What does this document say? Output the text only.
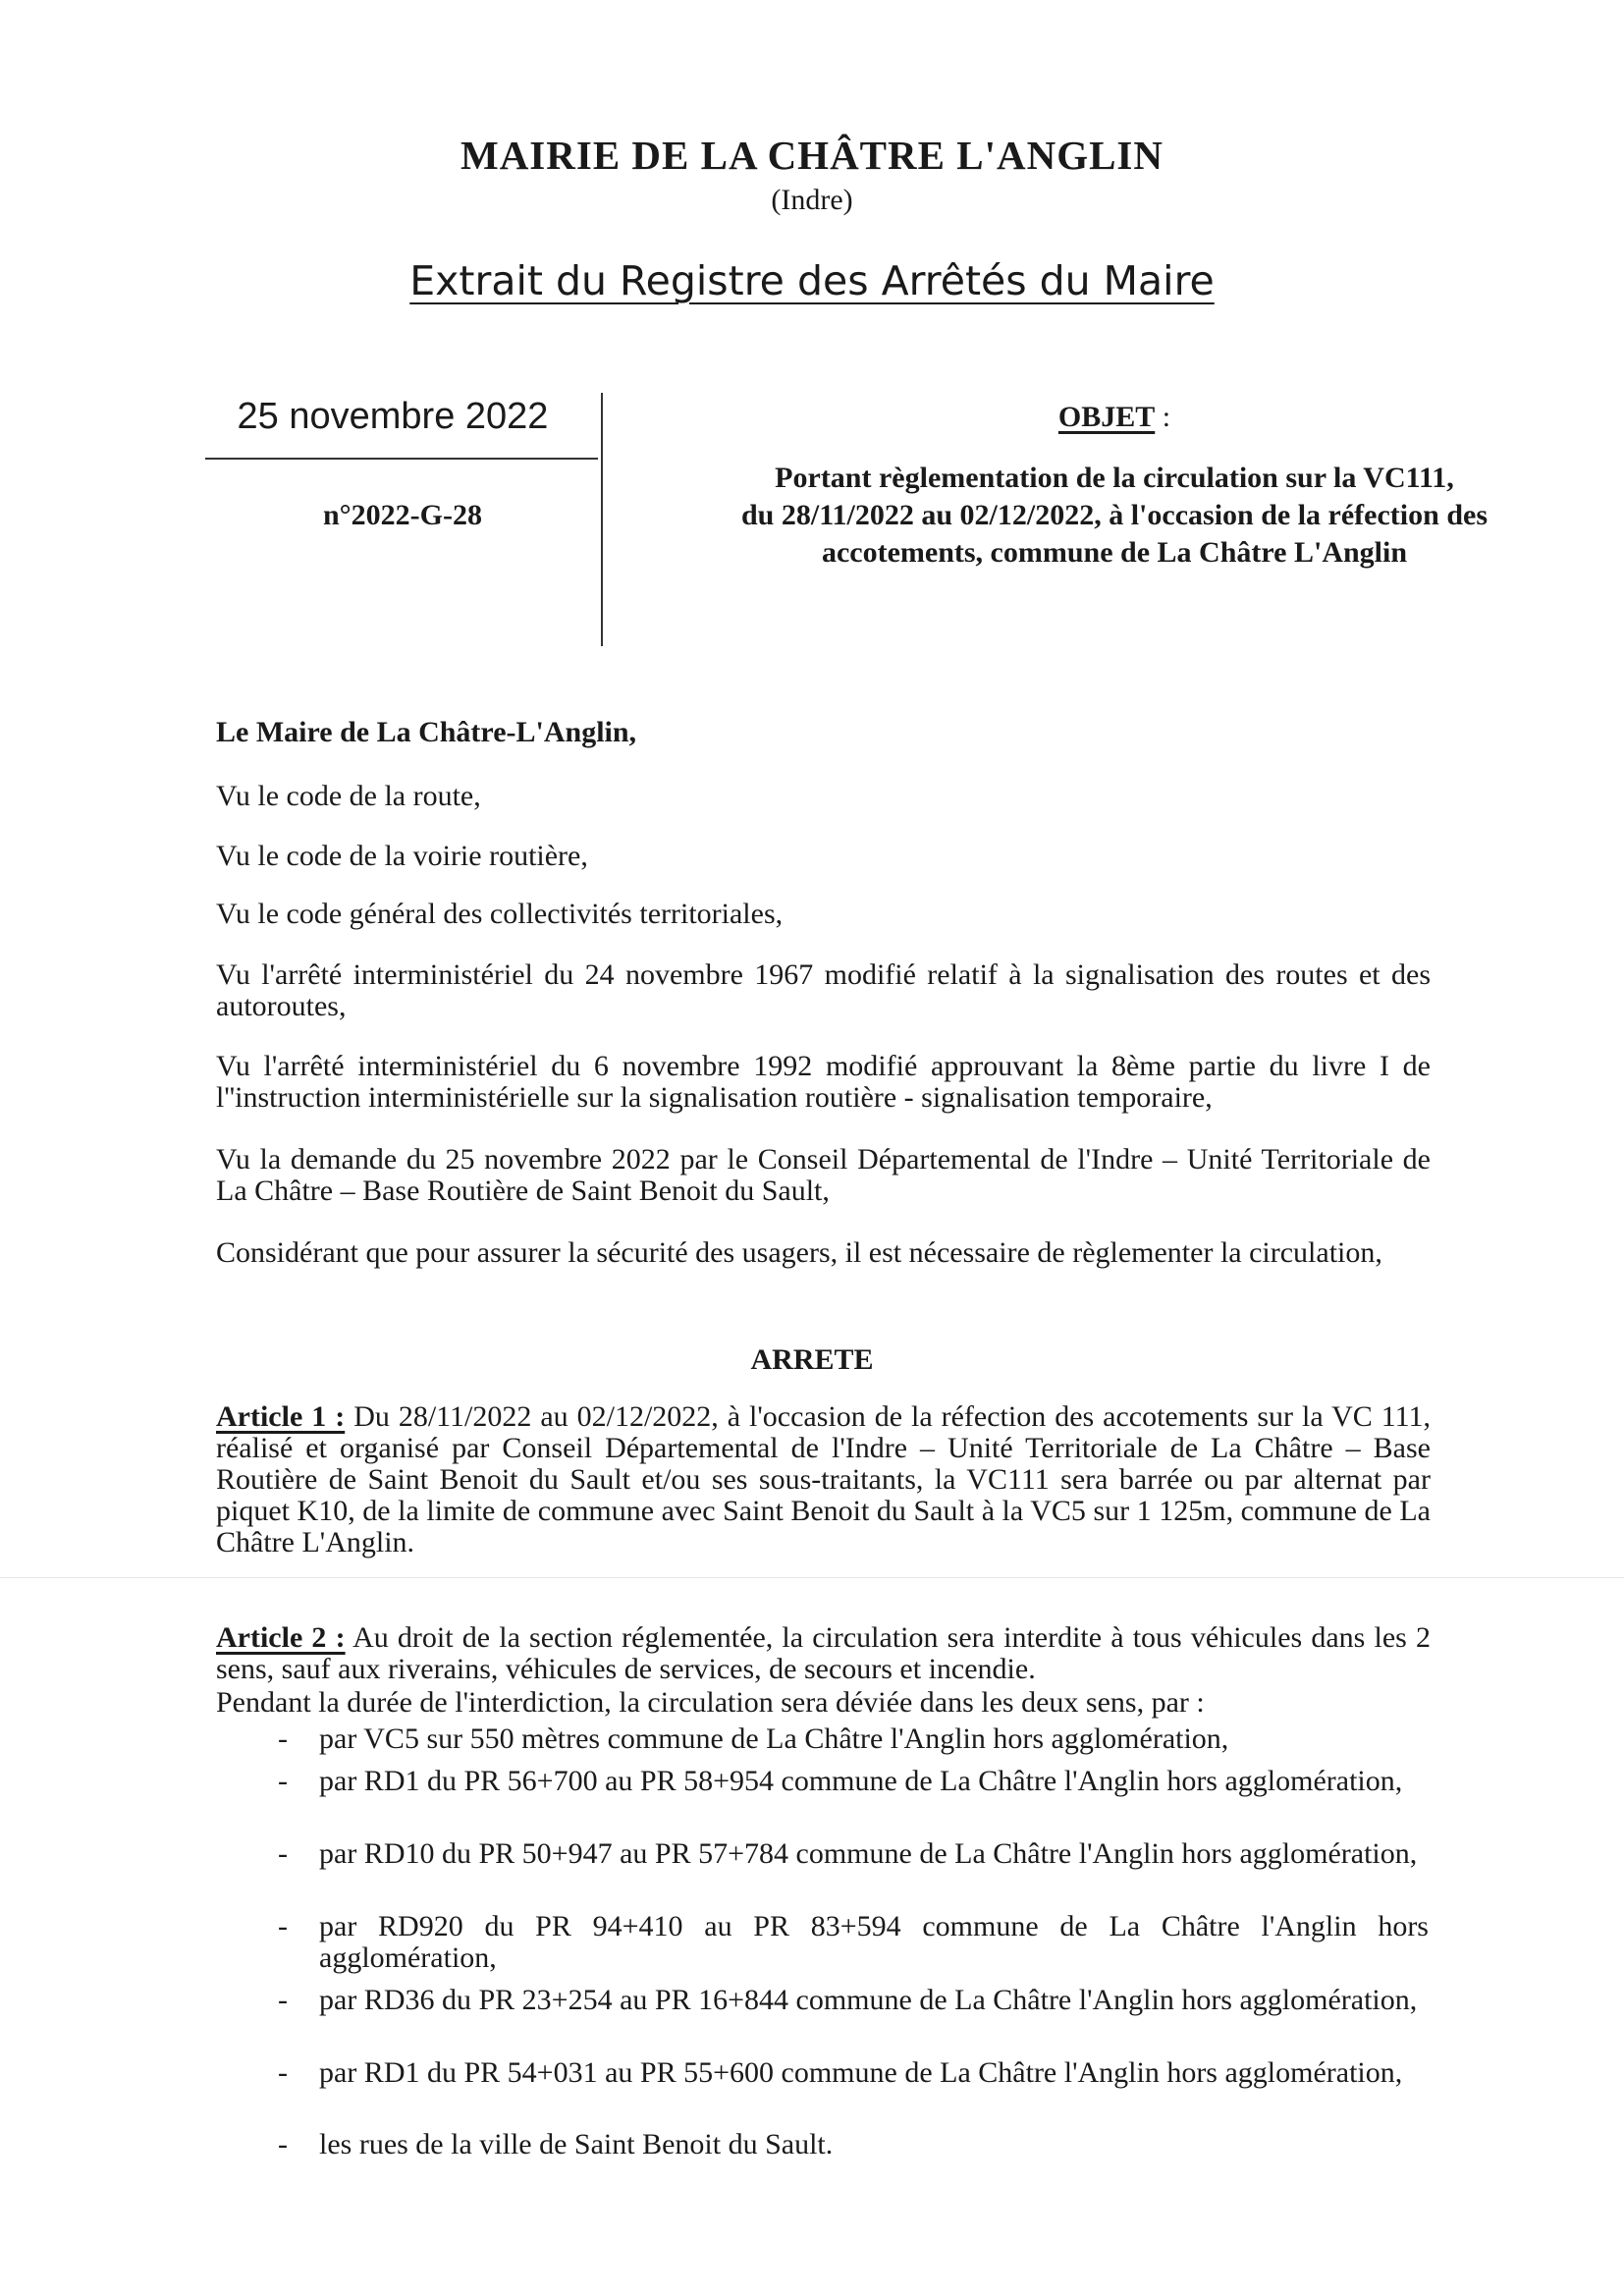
MAIRIE DE LA CHÂTRE L'ANGLIN
(Indre)
Extrait du Registre des Arrêtés du Maire
25 novembre 2022
n°2022-G-28
OBJET :
Portant règlementation de la circulation sur la VC111,
du 28/11/2022 au 02/12/2022, à l'occasion de la réfection des
accotements, commune de La Châtre L'Anglin
Le Maire de La Châtre-L'Anglin,
Vu le code de la route,
Vu le code de la voirie routière,
Vu le code général des collectivités territoriales,
Vu l'arrêté interministériel du 24 novembre 1967 modifié relatif à la signalisation des routes et des autoroutes,
Vu l'arrêté interministériel du 6 novembre 1992 modifié approuvant la 8ème partie du livre I de l''instruction interministérielle sur la signalisation routière - signalisation temporaire,
Vu la demande du 25 novembre 2022 par le Conseil Départemental de l'Indre – Unité Territoriale de La Châtre – Base Routière de Saint Benoit du Sault,
Considérant que pour assurer la sécurité des usagers, il est nécessaire de règlementer la circulation,
ARRETE
Article 1 : Du 28/11/2022 au 02/12/2022, à l'occasion de la réfection des accotements sur la VC 111, réalisé et organisé par Conseil Départemental de l'Indre – Unité Territoriale de La Châtre – Base Routière de Saint Benoit du Sault et/ou ses sous-traitants, la VC111 sera barrée ou par alternat par piquet K10, de la limite de commune avec Saint Benoit du Sault à la VC5 sur 1 125m, commune de La Châtre L'Anglin.
Article 2 : Au droit de la section réglementée, la circulation sera interdite à tous véhicules dans les 2 sens, sauf aux riverains, véhicules de services, de secours et incendie.
Pendant la durée de l'interdiction, la circulation sera déviée dans les deux sens, par :
- par VC5 sur 550 mètres commune de La Châtre l'Anglin hors agglomération,
- par RD1 du PR 56+700 au PR 58+954 commune de La Châtre l'Anglin hors agglomération,
- par RD10 du PR 50+947 au PR 57+784 commune de La Châtre l'Anglin hors agglomération,
- par RD920 du PR 94+410 au PR 83+594 commune de La Châtre l'Anglin hors agglomération,
- par RD36 du PR 23+254 au PR 16+844 commune de La Châtre l'Anglin hors agglomération,
- par RD1 du PR 54+031 au PR 55+600 commune de La Châtre l'Anglin hors agglomération,
- les rues de la ville de Saint Benoit du Sault.
